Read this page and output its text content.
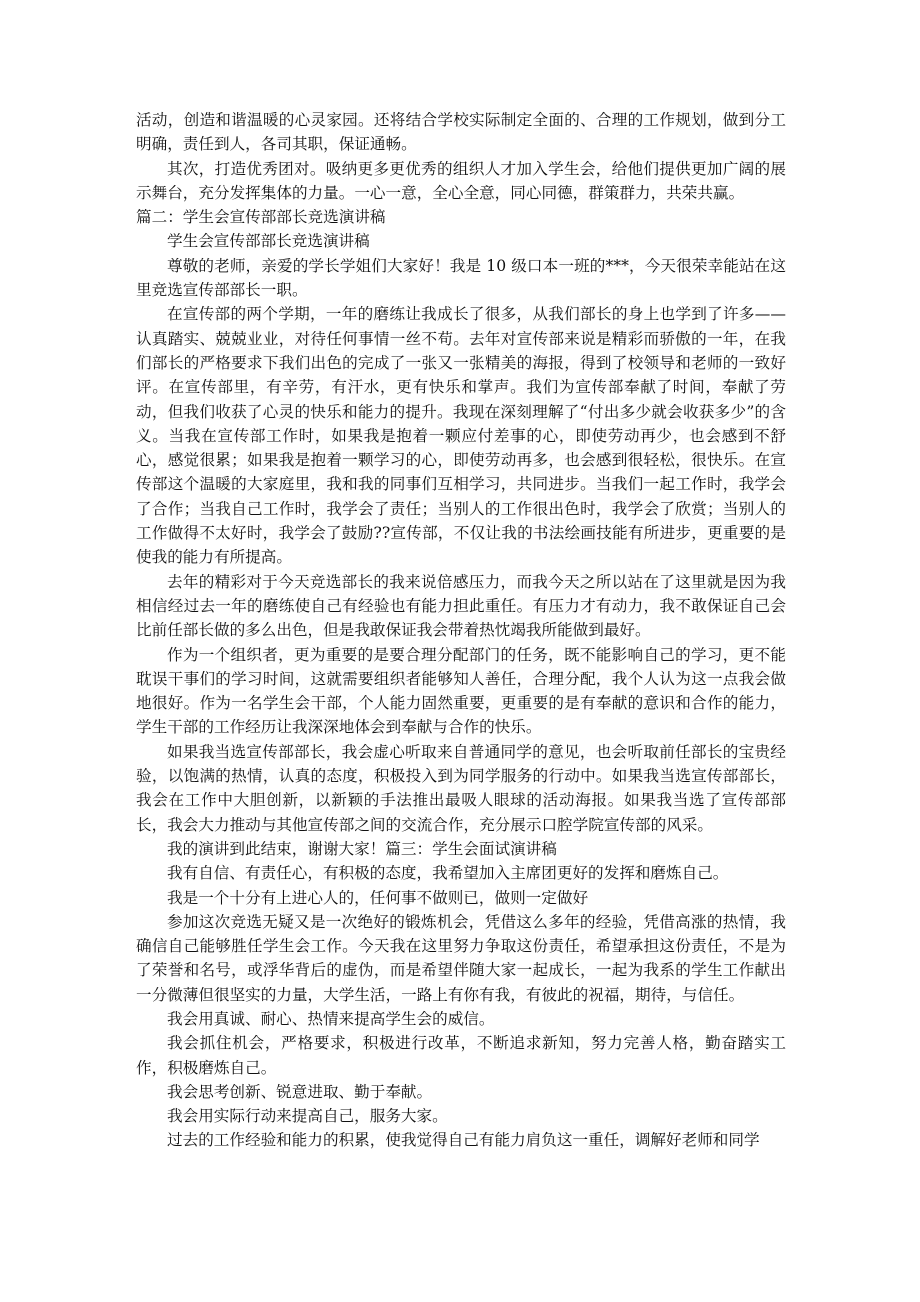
活动，创造和谐温暖的心灵家园。还将结合学校实际制定全面的、合理的工作规划，做到分工明确，责任到人，各司其职，保证通畅。

其次，打造优秀团对。吸纳更多更优秀的组织人才加入学生会，给他们提供更加广阔的展示舞台，充分发挥集体的力量。一心一意，全心全意，同心同德，群策群力，共荣共赢。

篇二：学生会宣传部部长竞选演讲稿

学生会宣传部部长竞选演讲稿

尊敬的老师，亲爱的学长学姐们大家好！我是 10 级口本一班的***，今天很荣幸能站在这里竞选宣传部部长一职。

在宣传部的两个学期，一年的磨练让我成长了很多，从我们部长的身上也学到了许多——认真踏实、兢兢业业，对待任何事情一丝不苟。去年对宣传部来说是精彩而骄傲的一年，在我们部长的严格要求下我们出色的完成了一张又一张精美的海报，得到了校领导和老师的一致好评。在宣传部里，有辛劳，有汗水，更有快乐和掌声。我们为宣传部奉献了时间，奉献了劳动，但我们收获了心灵的快乐和能力的提升。我现在深刻理解了“付出多少就会收获多少”的含义。当我在宣传部工作时，如果我是抱着一颗应付差事的心，即使劳动再少，也会感到不舒心，感觉很累；如果我是抱着一颗学习的心，即使劳动再多，也会感到很轻松，很快乐。在宣传部这个温暖的大家庭里，我和我的同事们互相学习，共同进步。当我们一起工作时，我学会了合作；当我自己工作时，我学会了责任；当别人的工作很出色时，我学会了欣赏；当别人的工作做得不太好时，我学会了鼓励??宣传部，不仅让我的书法绘画技能有所进步，更重要的是使我的能力有所提高。

去年的精彩对于今天竞选部长的我来说倍感压力，而我今天之所以站在了这里就是因为我相信经过去一年的磨练使自己有经验也有能力担此重任。有压力才有动力，我不敢保证自己会比前任部长做的多么出色，但是我敢保证我会带着热忱竭我所能做到最好。

作为一个组织者，更为重要的是要合理分配部门的任务，既不能影响自己的学习，更不能耽误干事们的学习时间，这就需要组织者能够知人善任，合理分配，我个人认为这一点我会做地很好。作为一名学生会干部，个人能力固然重要，更重要的是有奉献的意识和合作的能力，学生干部的工作经历让我深深地体会到奉献与合作的快乐。

如果我当选宣传部部长，我会虚心听取来自普通同学的意见，也会听取前任部长的宝贵经验，以饱满的热情，认真的态度，积极投入到为同学服务的行动中。如果我当选宣传部部长，我会在工作中大胆创新，以新颖的手法推出最吸人眼球的活动海报。如果我当选了宣传部部长，我会大力推动与其他宣传部之间的交流合作，充分展示口腔学院宣传部的风采。

我的演讲到此结束，谢谢大家！篇三：学生会面试演讲稿

我有自信、有责任心，有积极的态度，我希望加入主席团更好的发挥和磨炼自己。

我是一个十分有上进心人的，任何事不做则已，做则一定做好

参加这次竞选无疑又是一次绝好的锻炼机会，凭借这么多年的经验，凭借高涨的热情，我确信自己能够胜任学生会工作。今天我在这里努力争取这份责任，希望承担这份责任，不是为了荣誉和名号，或浮华背后的虚伪，而是希望伴随大家一起成长，一起为我系的学生工作献出一分微薄但很坚实的力量，大学生活，一路上有你有我，有彼此的祝福，期待，与信任。

我会用真诚、耐心、热情来提高学生会的威信。

我会抓住机会，严格要求，积极进行改革，不断追求新知，努力完善人格，勤奋踏实工作，积极磨炼自己。

我会思考创新、锐意进取、勤于奉献。

我会用实际行动来提高自己，服务大家。

过去的工作经验和能力的积累，使我觉得自己有能力肩负这一重任，调解好老师和同学
